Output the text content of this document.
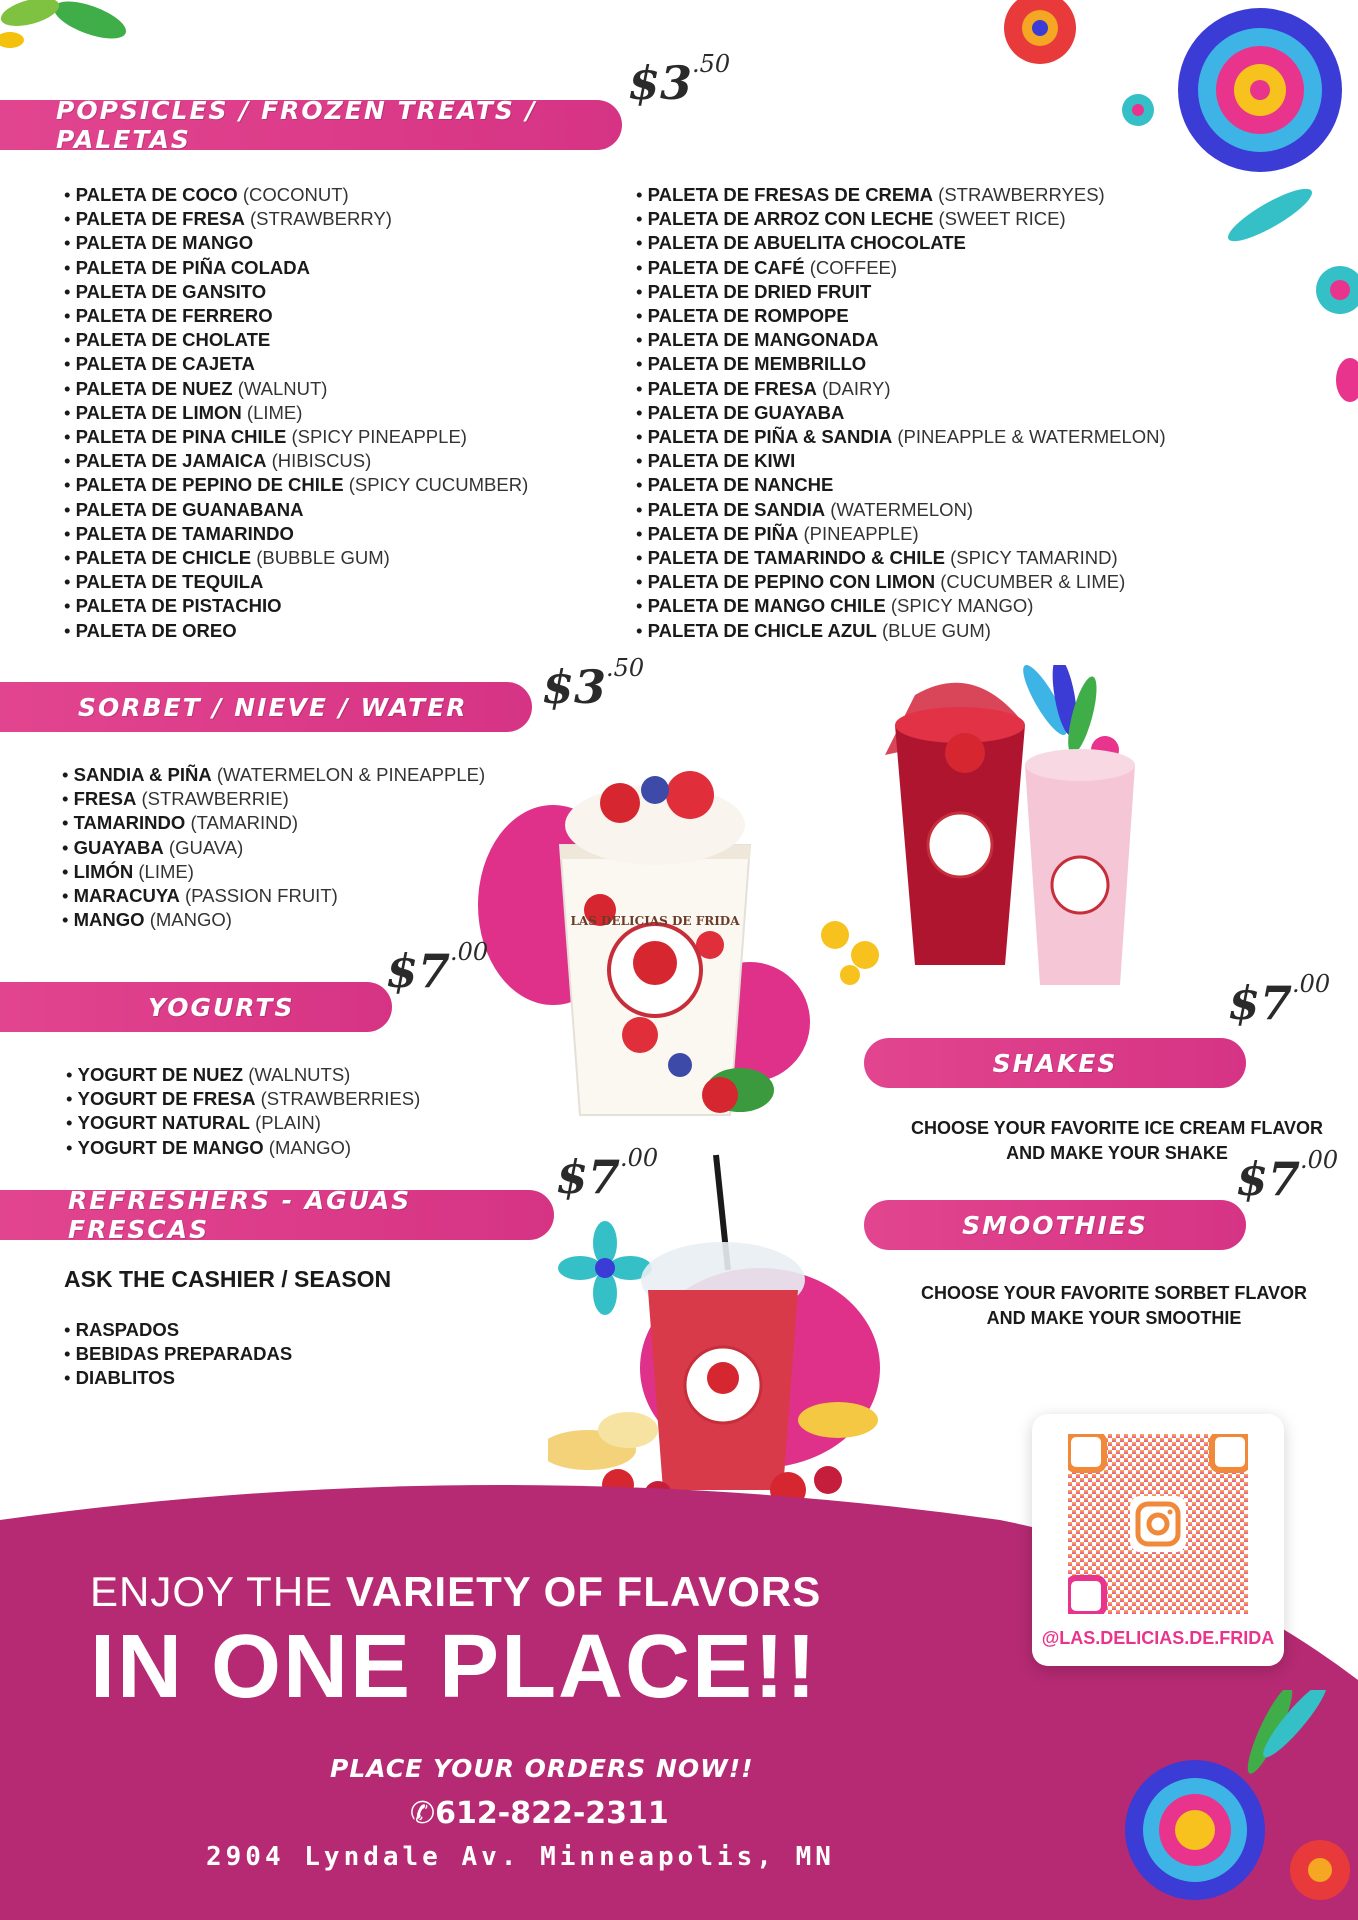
POPSICLES / FROZEN TREATS / PALETAS
$\$3^{.50}$
• PALETA DE COCO (COCONUT)
• PALETA DE FRESA (STRAWBERRY)
• PALETA DE MANGO
• PALETA DE PIÑA COLADA
• PALETA DE GANSITO
• PALETA DE FERRERO
• PALETA DE CHOLATE
• PALETA DE CAJETA
• PALETA DE NUEZ (WALNUT)
• PALETA DE LIMON (LIME)
• PALETA DE PINA CHILE (SPICY PINEAPPLE)
• PALETA DE JAMAICA (HIBISCUS)
• PALETA DE PEPINO DE CHILE (SPICY CUCUMBER)
• PALETA DE GUANABANA
• PALETA DE TAMARINDO
• PALETA DE CHICLE (BUBBLE GUM)
• PALETA DE TEQUILA
• PALETA DE PISTACHIO
• PALETA DE OREO
• PALETA DE FRESAS DE CREMA (STRAWBERRYES)
• PALETA DE ARROZ CON LECHE (SWEET RICE)
• PALETA DE ABUELITA CHOCOLATE
• PALETA DE CAFÉ (COFFEE)
• PALETA DE DRIED FRUIT
• PALETA DE ROMPOPE
• PALETA DE MANGONADA
• PALETA DE MEMBRILLO
• PALETA DE FRESA (DAIRY)
• PALETA DE GUAYABA
• PALETA DE PIÑA & SANDIA (PINEAPPLE & WATERMELON)
• PALETA DE KIWI
• PALETA DE NANCHE
• PALETA DE SANDIA (WATERMELON)
• PALETA DE PIÑA (PINEAPPLE)
• PALETA DE TAMARINDO & CHILE (SPICY TAMARIND)
• PALETA DE PEPINO CON LIMON (CUCUMBER & LIME)
• PALETA DE MANGO CHILE (SPICY MANGO)
• PALETA DE CHICLE AZUL (BLUE GUM)
SORBET / NIEVE / WATER $\$3^{.50}$
• SANDIA & PIÑA (WATERMELON & PINEAPPLE)
• FRESA (STRAWBERRIE)
• TAMARINDO (TAMARIND)
• GUAYABA (GUAVA)
• LIMÓN (LIME)
• MARACUYA (PASSION FRUIT)
• MANGO (MANGO)	LAS DELICIAS DE FRIDA
YOGURTS
$\$7^{.00}$
• YOGURT DE NUEZ (WALNUTS)
• YOGURT DE FRESA (STRAWBERRIES)
• YOGURT NATURAL (PLAIN)
• YOGURT DE MANGO (MANGO)
$\$7^{.00}$
SHAKES
CHOOSE YOUR FAVORITE ICE CREAM FLAVOR
AND MAKE YOUR SHAKE $\$7^{.00}$
SMOOTHIES
CHOOSE YOUR FAVORITE SORBET FLAVOR
AND MAKE YOUR SMOOTHIE
REFRESHERS - AGUAS FRESCAS
$\$7^{.00}$
ASK THE CASHIER / SEASON
• RASPADOS
• BEBIDAS PREPARADAS
• DIABLITOS
@LAS.DELICIAS.DE.FRIDA
ENJOY THE VARIETY OF FLAVORS
IN ONE PLACE!!
PLACE YOUR ORDERS NOW!!
✆612-822-2311
2904 Lyndale Av. Minneapolis, MN
